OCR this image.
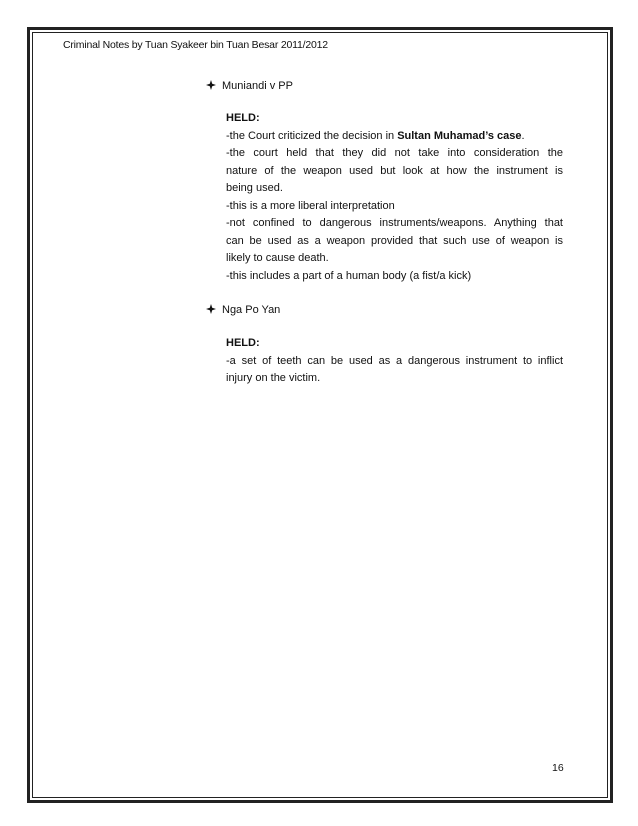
Criminal Notes by Tuan Syakeer bin Tuan Besar 2011/2012
Muniandi v PP
HELD:
-the Court criticized the decision in Sultan Muhamad’s case.
-the court held that they did not take into consideration the
nature of the weapon used but look at how the instrument is
being used.
-this is a more liberal interpretation
-not confined to dangerous instruments/weapons. Anything that
can be used as a weapon provided that such use of weapon is
likely to cause death.
-this includes a part of a human body (a fist/a kick)
Nga Po Yan
HELD:
-a set of teeth can be used as a dangerous instrument to inflict
injury on the victim.
16
